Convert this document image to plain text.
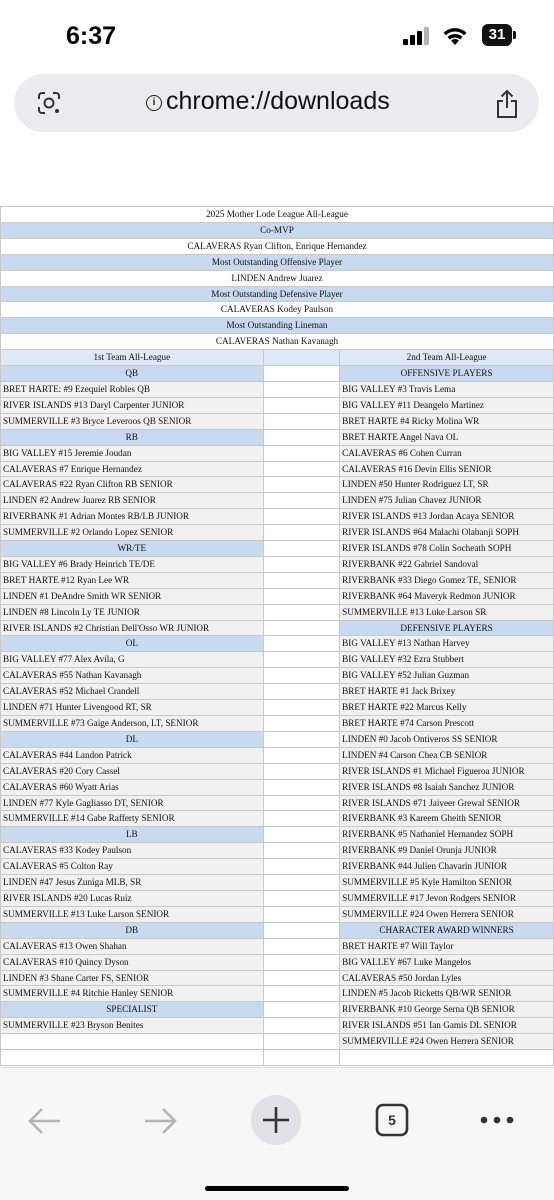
6:37	31
i chrome://downloads
2025 Mother Lode League All-League		
Co-MVP		
CALAVERAS Ryan Clifton, Enrique Hernandez		
Most Outstanding Offensive Player		
LINDEN Andrew Juarez		
Most Outstanding Defensive Player		
CALAVERAS Kodey Paulson		
Most Outstanding Lineman		
CALAVERAS Nathan Kavanagh		
1st Team All-League		2nd Team All-League
QB		OFFENSIVE PLAYERS
BRET HARTE: #9 Ezequiel Robles QB		BIG VALLEY #3 Travis Lema
RIVER ISLANDS #13 Daryl Carpenter JUNIOR		BIG VALLEY #11 Deangelo Martinez
SUMMERVILLE #3 Bryce Leveroos QB SENIOR		BRET HARTE #4 Ricky Molina WR
RB		BRET HARTE Angel Nava OL
BIG VALLEY #15 Jeremie Joudan		CALAVERAS #6 Cohen Curran
CALAVERAS #7 Enrique Hernandez		CALAVERAS #16 Devin Ellis SENIOR
CALAVERAS #22 Ryan Clifton RB SENIOR		LINDEN #50 Hunter Rodriguez LT, SR
LINDEN #2 Andrew Juarez RB SENIOR		LINDEN #75 Julian Chavez JUNIOR
RIVERBANK #1 Adrian Montes RB/LB JUNIOR		RIVER ISLANDS #13 Jordan Acaya SENIOR
SUMMERVILLE #2 Orlando Lopez SENIOR		RIVER ISLANDS #64 Malachi Olabanji SOPH
WR/TE		RIVER ISLANDS #78 Colin Socheath SOPH
BIG VALLEY #6 Brady Heinrich TE/DE		RIVERBANK #22 Gabriel Sandoval
BRET HARTE #12 Ryan Lee WR		RIVERBANK #33 Diego Gomez TE, SENIOR
LINDEN #1 DeAndre Smith WR SENIOR		RIVERBANK #64 Maveryk Redmon JUNIOR
LINDEN #8 Lincoln Ly TE JUNIOR		SUMMERVILLE #13 Luke Larson SR
RIVER ISLANDS #2 Christian Dell'Osso WR JUNIOR		DEFENSIVE PLAYERS
OL		BIG VALLEY #13 Nathan Harvey
BIG VALLEY #77 Alex Avila, G		BIG VALLEY #32 Ezra Stubbert
CALAVERAS #55 Nathan Kavanagh		BIG VALLEY #52 Julian Guzman
CALAVERAS #52 Michael Crandell		BRET HARTE #1 Jack Brixey
LINDEN #71 Hunter Livengood RT, SR		BRET HARTE #22 Marcus Kelly
SUMMERVILLE #73 Gaige Anderson, LT, SENIOR		BRET HARTE #74 Carson Prescott
DL		LINDEN #0 Jacob Ontiveros SS SENIOR
CALAVERAS #44 Landon Patrick		LINDEN #4 Carson Chea CB SENIOR
CALAVERAS #20 Cory Cassel		RIVER ISLANDS #1 Michael Figueroa JUNIOR
CALAVERAS #60 Wyatt Arias		RIVER ISLANDS #8 Isaiah Sanchez JUNIOR
LINDEN #77 Kyle Gagliasso DT, SENIOR		RIVER ISLANDS #71 Jaiveer Grewal SENIOR
SUMMERVILLE #14 Gabe Rafferty SENIOR		RIVERBANK #3 Kareem Gheith SENIOR
LB		RIVERBANK #5 Nathaniel Hernandez SOPH
CALAVERAS #33 Kodey Paulson		RIVERBANK #9 Daniel Orunja JUNIOR
CALAVERAS #5 Colton Ray		RIVERBANK #44 Julien Chavarin JUNIOR
LINDEN #47 Jesus Zuniga MLB, SR		SUMMERVILLE #5 Kyle Hamilton SENIOR
RIVER ISLANDS #20 Lucas Ruiz		SUMMERVILLE #17 Jevon Rodgers SENIOR
SUMMERVILLE #13 Luke Larson SENIOR		SUMMERVILLE #24 Owen Herrera SENIOR
DB		CHARACTER AWARD WINNERS
CALAVERAS #13 Owen Shahan		BRET HARTE #7 Will Taylor
CALAVERAS #10 Quincy Dyson		BIG VALLEY #67 Luke Mangelos
LINDEN #3 Shane Carter FS, SENIOR		CALAVERAS #50 Jordan Lyles
SUMMERVILLE #4 Ritchie Hanley SENIOR		LINDEN #5 Jacob Ricketts QB/WR SENIOR
SPECIALIST		RIVERBANK #10 George Serna QB SENIOR
SUMMERVILLE #23 Bryson Benites		RIVER ISLANDS #51 Ian Gamis DL SENIOR
		SUMMERVILLE #24 Owen Herrera SENIOR

5
